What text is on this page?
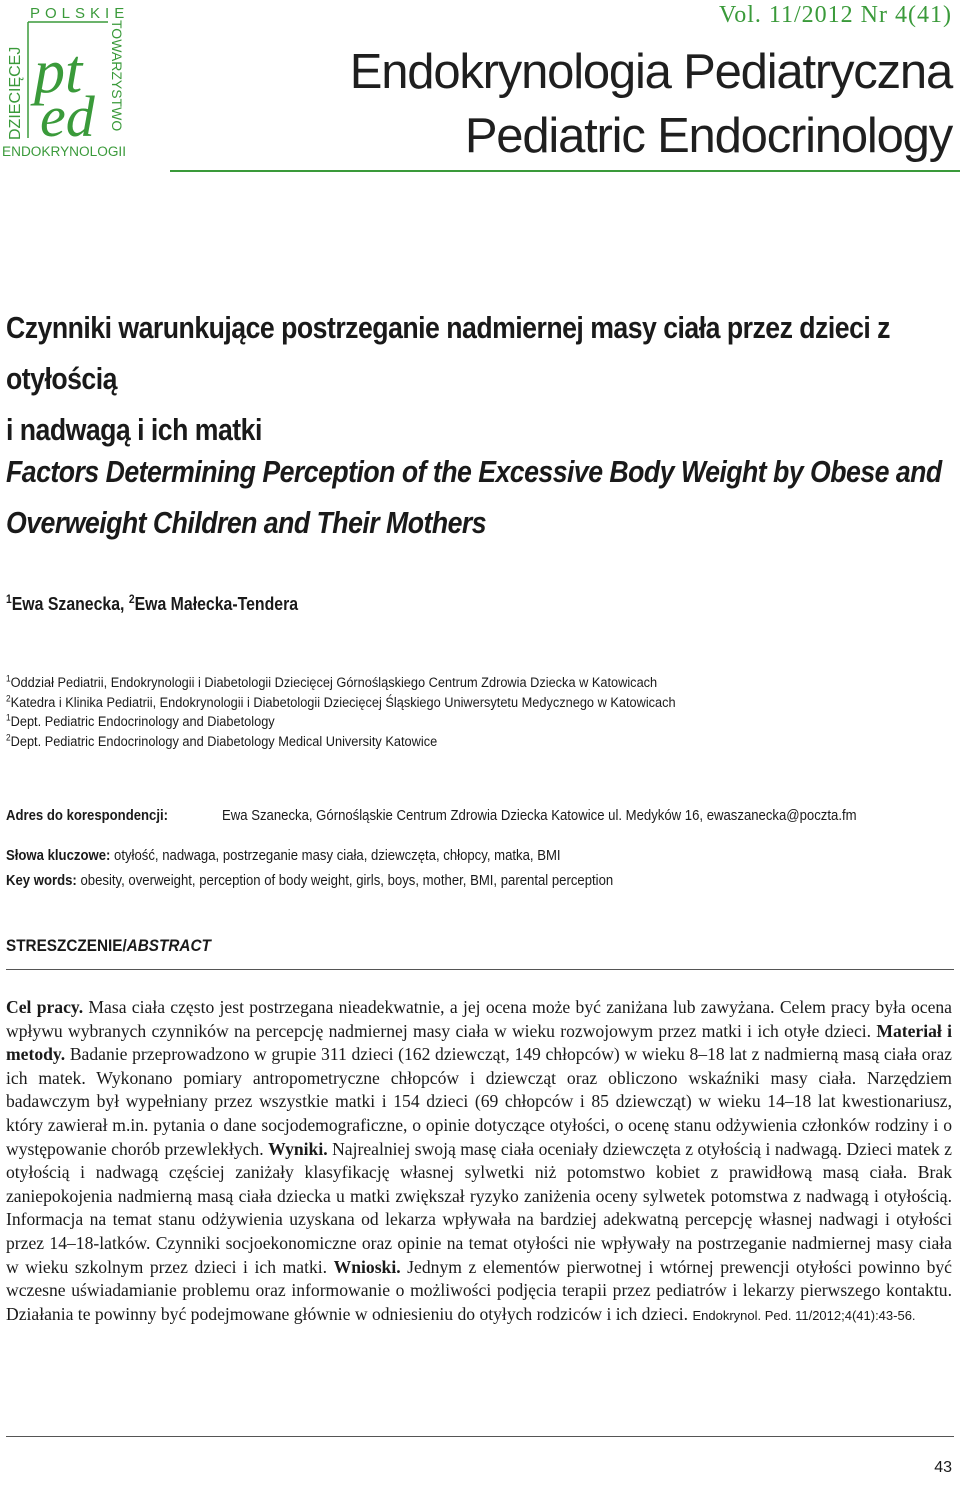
POLSKIE
DZIECIĘCEJ	TOWARZYSTWO
pt
ed
ENDOKRYNOLOGII
Vol. 11/2012 Nr 4(41)
Endokrynologia Pediatryczna
Pediatric Endocrinology
Czynniki warunkujące postrzeganie nadmiernej masy ciała przez dzieci z otyłością
i nadwagą i ich matki
Factors Determining Perception of the Excessive Body Weight by Obese and
Overweight Children and Their Mothers
$^1$Ewa Szanecka, $^2$Ewa Małecka-Tendera
$^1$Oddział Pediatrii, Endokrynologii i Diabetologii Dziecięcej Górnośląskiego Centrum Zdrowia Dziecka w Katowicach
$^2$Katedra i Klinika Pediatrii, Endokrynologii i Diabetologii Dziecięcej Śląskiego Uniwersytetu Medycznego w Katowicach
$^1$Dept. Pediatric Endocrinology and Diabetology
$^2$Dept. Pediatric Endocrinology and Diabetology Medical University Katowice
Adres do korespondencji:	Ewa Szanecka, Górnośląskie Centrum Zdrowia Dziecka Katowice ul. Medyków 16, ewaszanecka@poczta.fm
Słowa kluczowe: otyłość, nadwaga, postrzeganie masy ciała, dziewczęta, chłopcy, matka, BMI
Key words: obesity, overweight, perception of body weight, girls, boys, mother, BMI, parental perception
STRESZCZENIE/ABSTRACT
Cel pracy. Masa ciała często jest postrzegana nieadekwatnie, a jej ocena może być zaniżana lub zawyżana. Celem pracy była ocena wpływu wybranych czynników na percepcję nadmiernej masy ciała w wieku rozwojowym przez matki i ich otyłe dzieci. Materiał i metody. Badanie przeprowadzono w grupie 311 dzieci (162 dziewcząt, 149 chłopców) w wieku 8–18 lat z nadmierną masą ciała oraz ich matek. Wykonano pomiary antropometryczne chłopców i dziewcząt oraz obliczono wskaźniki masy ciała. Narzędziem badawczym był wypełniany przez wszystkie matki i 154 dzieci (69 chłopców i 85 dziewcząt) w wieku 14–18 lat kwestionariusz, który zawierał m.in. pytania o dane socjodemograficzne, o opinie dotyczące otyłości, o ocenę stanu odżywienia członków rodziny i o występowanie chorób przewlekłych. Wyniki. Najrealniej swoją masę ciała oceniały dziewczęta z otyłością i nadwagą. Dzieci matek z otyłością i nadwagą częściej zaniżały klasyfikację własnej sylwetki niż potomstwo kobiet z prawidłową masą ciała. Brak zaniepokojenia nadmierną masą ciała dziecka u matki zwiększał ryzyko zaniżenia oceny sylwetek potomstwa z nadwagą i otyłością. Informacja na temat stanu odżywienia uzyskana od lekarza wpływała na bardziej adekwatną percepcję własnej nadwagi i otyłości przez 14–18-latków. Czynniki socjoekonomiczne oraz opinie na temat otyłości nie wpływały na postrzeganie nadmiernej masy ciała w wieku szkolnym przez dzieci i ich matki. Wnioski. Jednym z elementów pierwotnej i wtórnej prewencji otyłości powinno być wczesne uświadamianie problemu oraz informowanie o możliwości podjęcia terapii przez pediatrów i lekarzy pierwszego kontaktu. Działania te powinny być podejmowane głównie w odniesieniu do otyłych rodziców i ich dzieci. Endokrynol. Ped. 11/2012;4(41):43-56.
43
